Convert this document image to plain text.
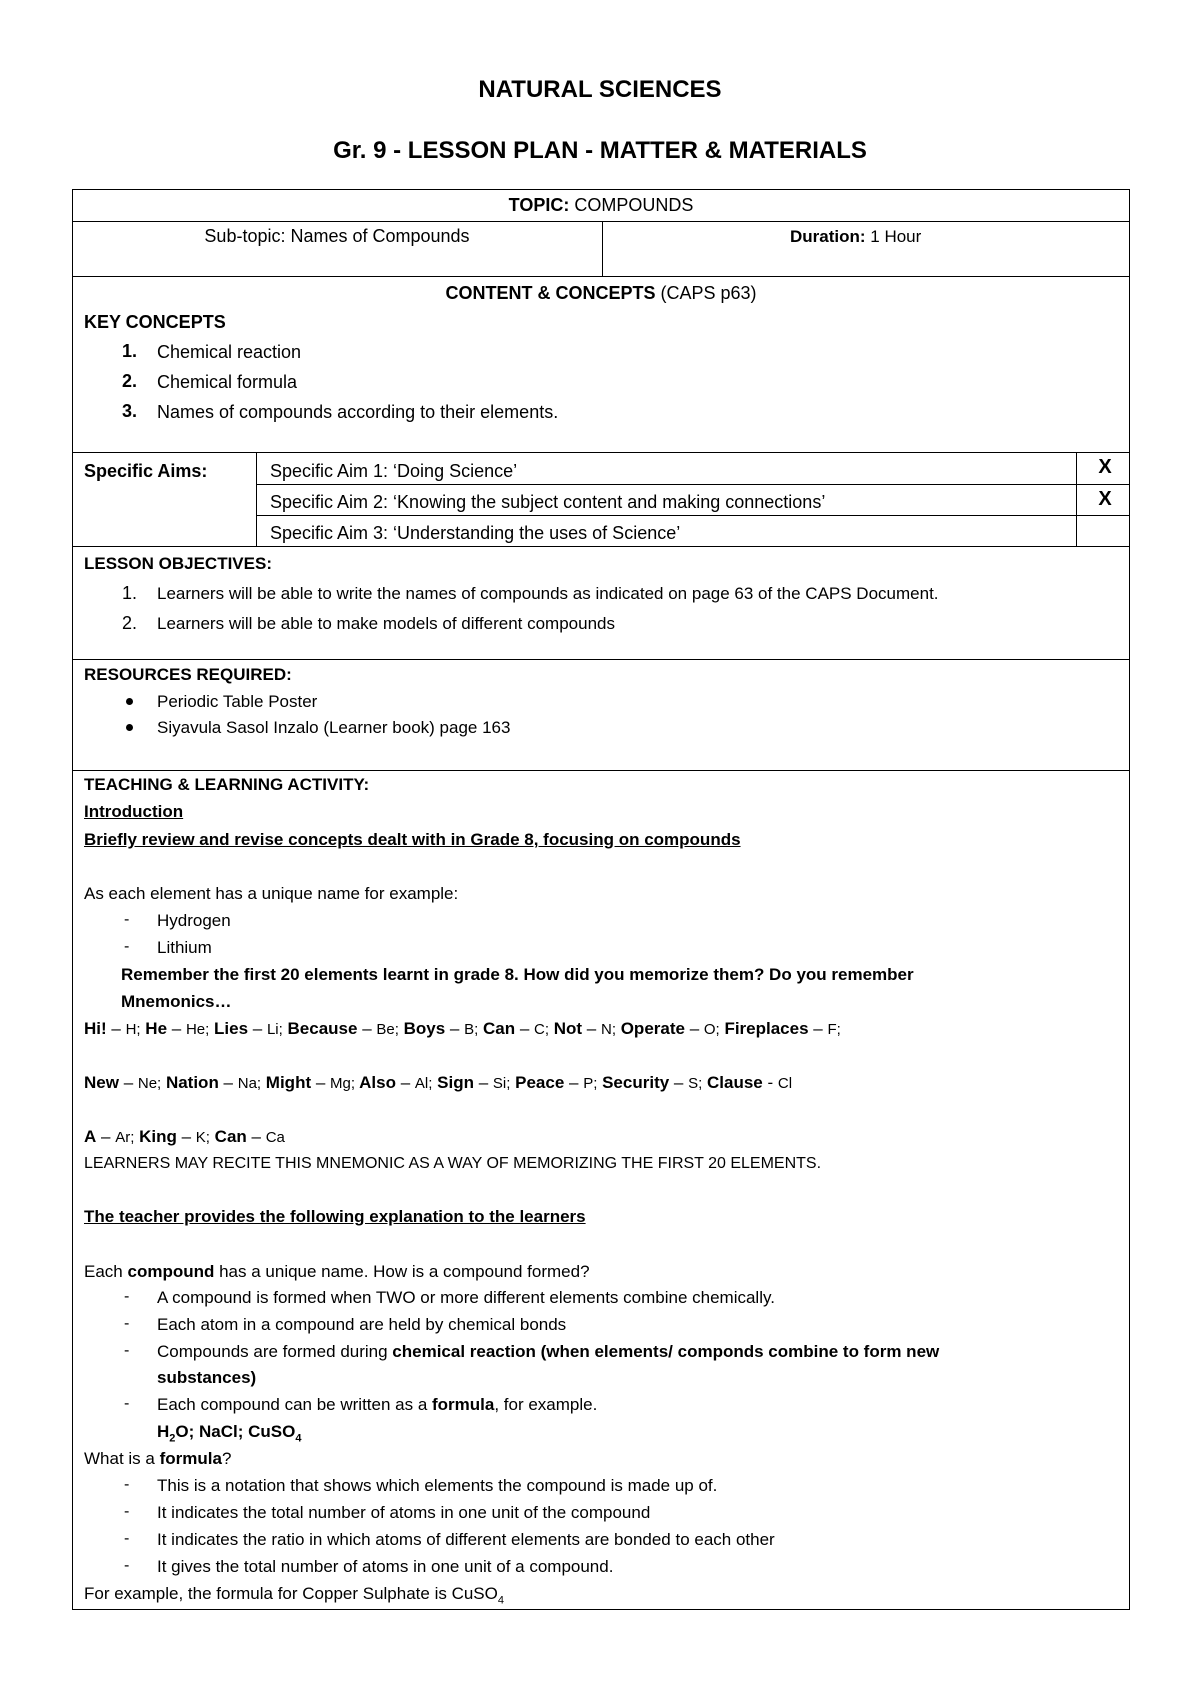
NATURAL SCIENCES
Gr. 9 - LESSON PLAN - MATTER & MATERIALS
TOPIC: COMPOUNDS
Sub-topic: Names of Compounds	Duration: 1 Hour
CONTENT & CONCEPTS (CAPS p63)
KEY CONCEPTS
1. Chemical reaction
2. Chemical formula
3. Names of compounds according to their elements.
Specific Aims:	Specific Aim 1: ‘Doing Science’	X
Specific Aim 2: ‘Knowing the subject content and making connections’	X
Specific Aim 3: ‘Understanding the uses of Science’
LESSON OBJECTIVES:
1. Learners will be able to write the names of compounds as indicated on page 63 of the CAPS Document.
2. Learners will be able to make models of different compounds
RESOURCES REQUIRED:
Periodic Table Poster
Siyavula Sasol Inzalo (Learner book) page 163
TEACHING & LEARNING ACTIVITY:
Introduction
Briefly review and revise concepts dealt with in Grade 8, focusing on compounds
As each element has a unique name for example:
- Hydrogen
- Lithium
Remember the first 20 elements learnt in grade 8. How did you memorize them? Do you remember
Mnemonics…
Hi! – H; He – He; Lies – Li; Because – Be; Boys – B; Can – C; Not – N; Operate – O; Fireplaces – F;
New – Ne; Nation – Na; Might – Mg; Also – Al; Sign – Si; Peace – P; Security – S; Clause - Cl
A – Ar; King – K; Can – Ca
LEARNERS MAY RECITE THIS MNEMONIC AS A WAY OF MEMORIZING THE FIRST 20 ELEMENTS.
The teacher provides the following explanation to the learners
Each compound has a unique name. How is a compound formed?
- A compound is formed when TWO or more different elements combine chemically.
- Each atom in a compound are held by chemical bonds
- Compounds are formed during chemical reaction (when elements/ componds combine to form new
substances)
- Each compound can be written as a formula, for example.
$H_2O$; NaCl; CuSO$_4$
What is a formula?
- This is a notation that shows which elements the compound is made up of.
- It indicates the total number of atoms in one unit of the compound
- It indicates the ratio in which atoms of different elements are bonded to each other
- It gives the total number of atoms in one unit of a compound.
For example, the formula for Copper Sulphate is CuSO$_4$
